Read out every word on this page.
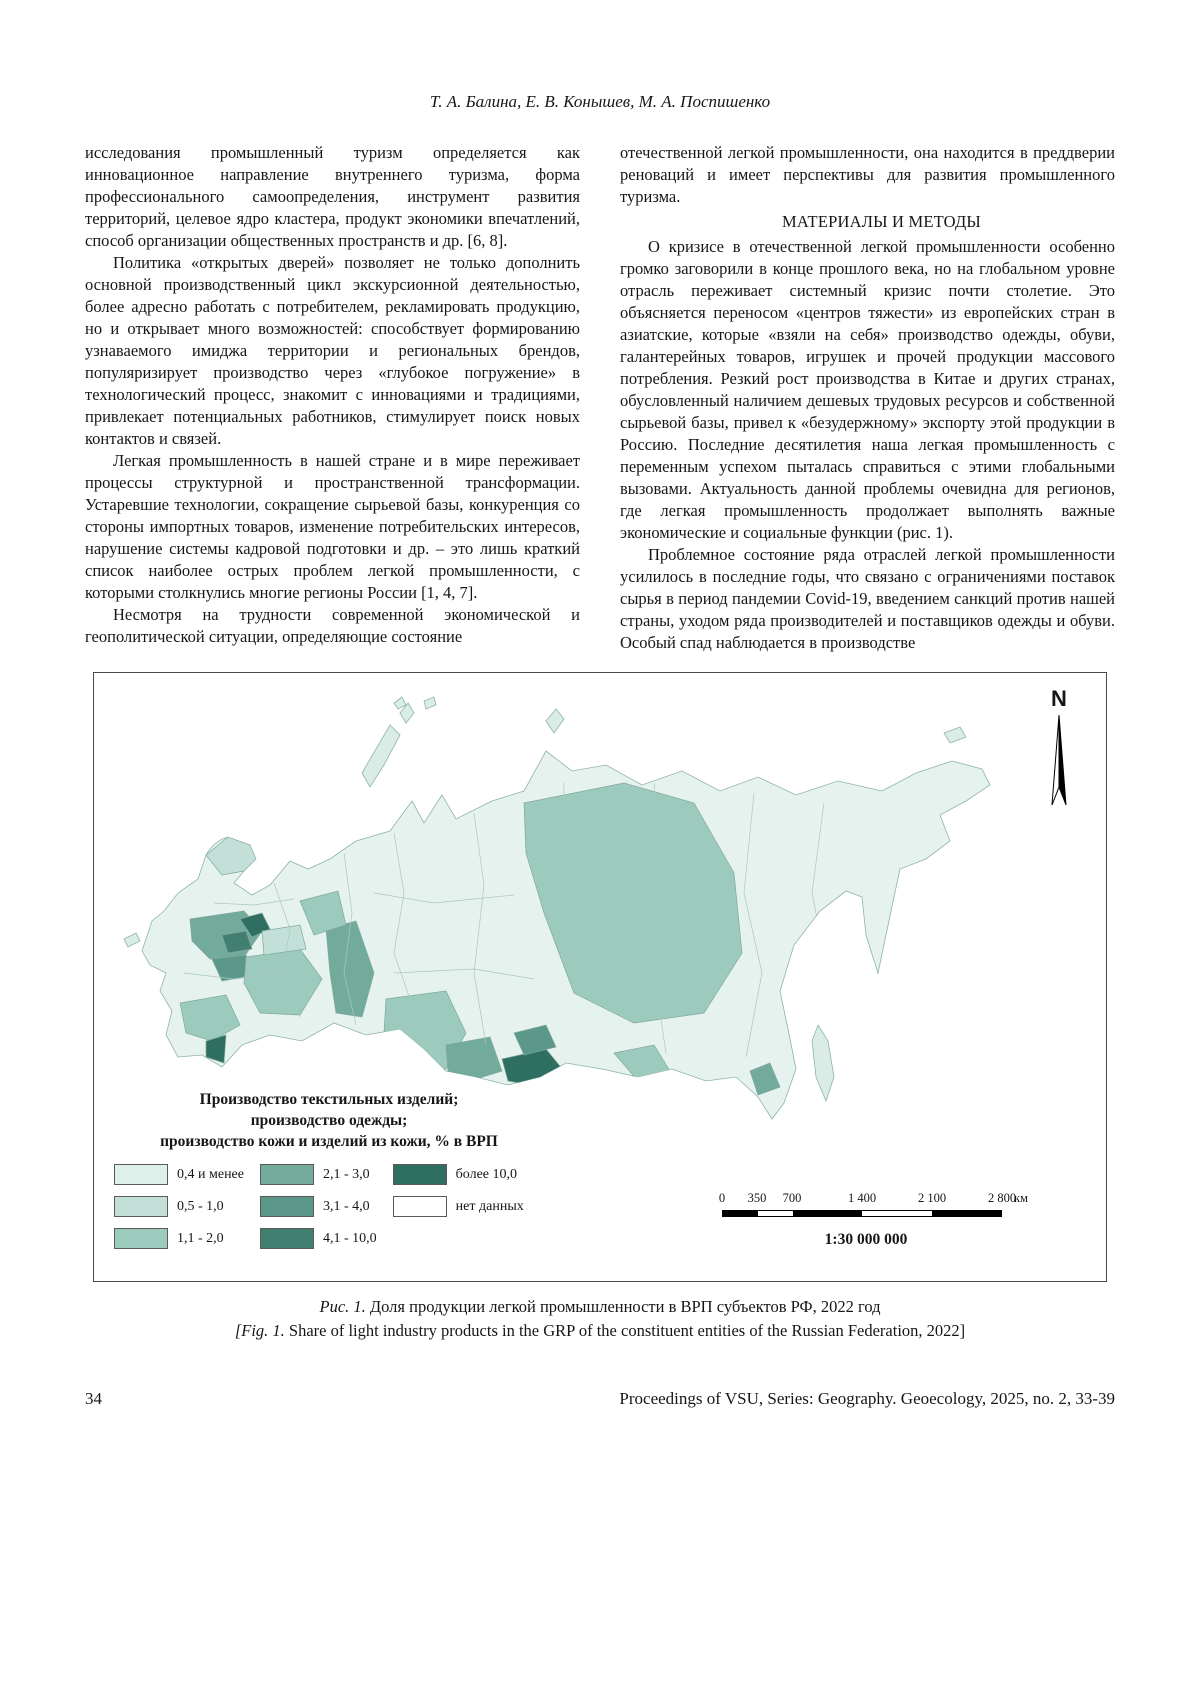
Т. А. Балина, Е. В. Конышев, М. А. Поспишенко

исследования промышленный туризм определяется как инновационное направление внутреннего туризма, форма профессионального самоопределения, инструмент развития территорий, целевое ядро кластера, продукт экономики впечатлений, способ организации общественных пространств и др. [6, 8].

Политика «открытых дверей» позволяет не только дополнить основной производственный цикл экскурсионной деятельностью, более адресно работать с потребителем, рекламировать продукцию, но и открывает много возможностей: способствует формированию узнаваемого имиджа территории и региональных брендов, популяризирует производство через «глубокое погружение» в технологический процесс, знакомит с инновациями и традициями, привлекает потенциальных работников, стимулирует поиск новых контактов и связей.

Легкая промышленность в нашей стране и в мире переживает процессы структурной и пространственной трансформации. Устаревшие технологии, сокращение сырьевой базы, конкуренция со стороны импортных товаров, изменение потребительских интересов, нарушение системы кадровой подготовки и др. – это лишь краткий список наиболее острых проблем легкой промышленности, с которыми столкнулись многие регионы России [1, 4, 7].

Несмотря на трудности современной экономической и геополитической ситуации, определяющие состояние

отечественной легкой промышленности, она находится в преддверии реноваций и имеет перспективы для развития промышленного туризма.

МАТЕРИАЛЫ И МЕТОДЫ

О кризисе в отечественной легкой промышленности особенно громко заговорили в конце прошлого века, но на глобальном уровне отрасль переживает системный кризис почти столетие. Это объясняется переносом «центров тяжести» из европейских стран в азиатские, которые «взяли на себя» производство одежды, обуви, галантерейных товаров, игрушек и прочей продукции массового потребления. Резкий рост производства в Китае и других странах, обусловленный наличием дешевых трудовых ресурсов и собственной сырьевой базы, привел к «безудержному» экспорту этой продукции в Россию. Последние десятилетия наша легкая промышленность с переменным успехом пыталась справиться с этими глобальными вызовами. Актуальность данной проблемы очевидна для регионов, где легкая промышленность продолжает выполнять важные экономические и социальные функции (рис. 1).

Проблемное состояние ряда отраслей легкой промышленности усилилось в последние годы, что связано с ограничениями поставок сырья в период пандемии Covid-19, введением санкций против нашей страны, уходом ряда производителей и поставщиков одежды и обуви. Особый спад наблюдается в производстве

N
Производство текстильных изделий;
производство одежды;
производство кожи и изделий из кожи, % в ВРП
0,4 и менее
0,5 - 1,0
1,1 - 2,0
2,1 - 3,0
3,1 - 4,0
4,1 - 10,0
более 10,0
нет данных
0 350 700	1 400	2 100	2 800
км
1:30 000 000
Рис. 1. Доля продукции легкой промышленности в ВРП субъектов РФ, 2022 год
[Fig. 1. Share of light industry products in the GRP of the constituent entities of the Russian Federation, 2022]
34	Proceedings of VSU, Series: Geography. Geoecology, 2025, no. 2, 33-39
